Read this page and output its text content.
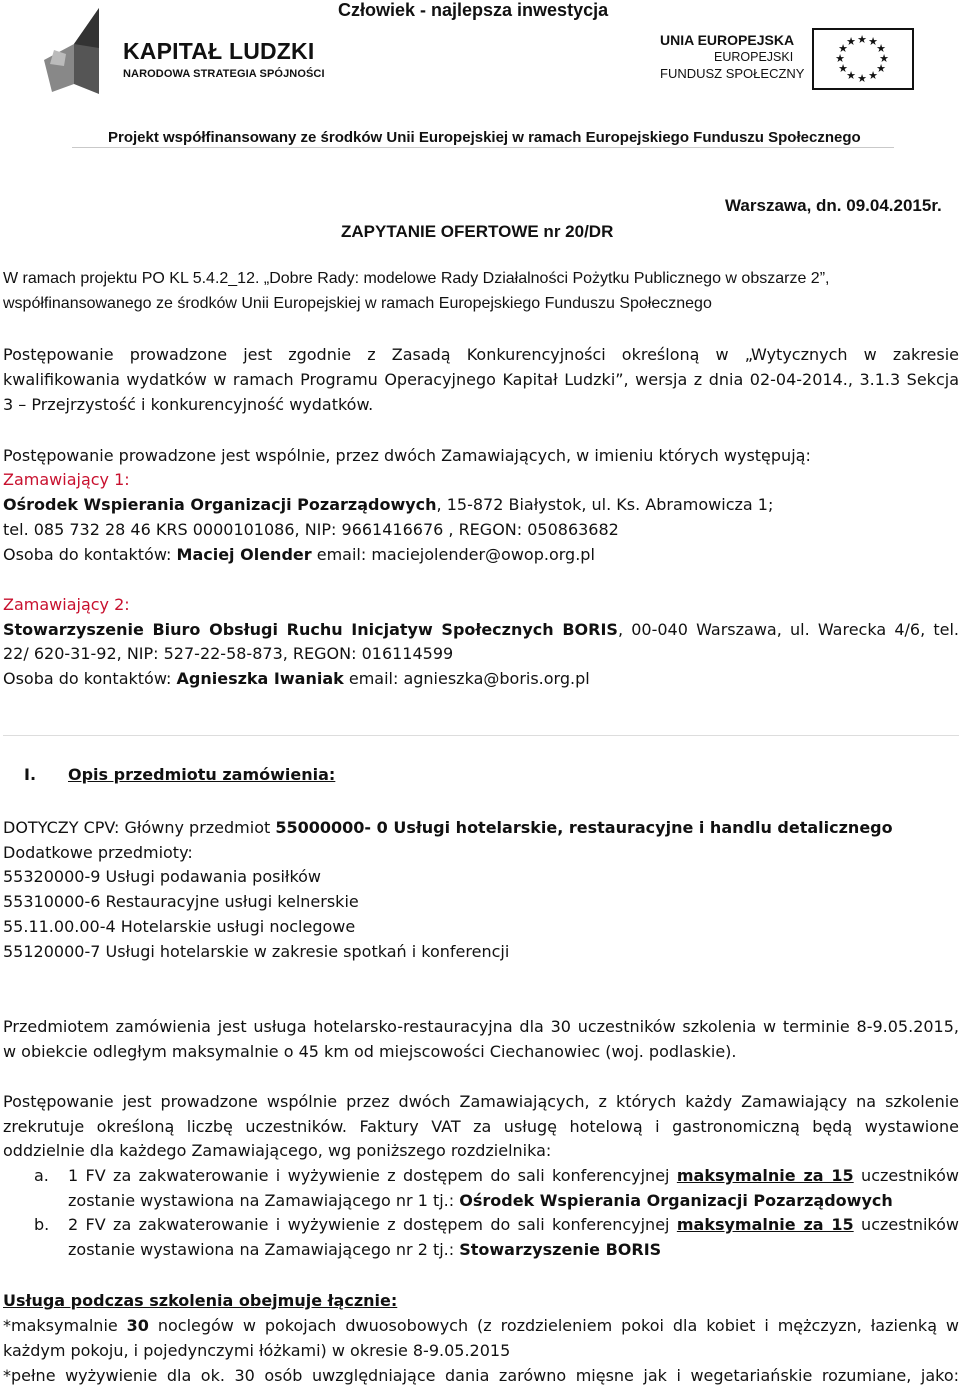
Człowiek - najlepsza inwestycja
KAPITAŁ LUDZKI
NARODOWA STRATEGIA SPÓJNOŚCI
UNIA EUROPEJSKA
EUROPEJSKI
FUNDUSZ SPOŁECZNY
★ ★
★
★
★
★
★
★
★
★
★
★
Projekt współfinansowany ze środków Unii Europejskiej w ramach Europejskiego Funduszu Społecznego
ZAPYTANIE OFERTOWE nr 20/DR
Warszawa, dn. 09.04.2015r.
W ramach projektu PO KL 5.4.2_12. „Dobre Rady: modelowe Rady Działalności Pożytku Publicznego w obszarze 2”,
współfinansowanego ze środków Unii Europejskiej w ramach Europejskiego Funduszu Społecznego
Postępowanie prowadzone jest zgodnie z Zasadą Konkurencyjności określoną w „Wytycznych w zakresie
kwalifikowania wydatków w ramach Programu Operacyjnego Kapitał Ludzki”, wersja z dnia 02-04-2014., 3.1.3 Sekcja
3 – Przejrzystość i konkurencyjność wydatków.
Postępowanie prowadzone jest wspólnie, przez dwóch Zamawiających, w imieniu których występują:
Zamawiający 1:
Ośrodek Wspierania Organizacji Pozarządowych, 15-872 Białystok, ul. Ks. Abramowicza 1;
tel. 085 732 28 46 KRS 0000101086, NIP: 9661416676 , REGON: 050863682
Osoba do kontaktów: Maciej Olender email: maciejolender@owop.org.pl
Zamawiający 2:
Stowarzyszenie Biuro Obsługi Ruchu Inicjatyw Społecznych BORIS, 00-040 Warszawa, ul. Warecka 4/6, tel.
22/ 620-31-92, NIP: 527-22-58-873, REGON: 016114599
Osoba do kontaktów: Agnieszka Iwaniak email: agnieszka@boris.org.pl
I. Opis przedmiotu zamówienia:
DOTYCZY CPV: Główny przedmiot 55000000- 0 Usługi hotelarskie, restauracyjne i handlu detalicznego
Dodatkowe przedmioty:
55320000-9 Usługi podawania posiłków
55310000-6 Restauracyjne usługi kelnerskie
55.11.00.00-4 Hotelarskie usługi noclegowe
55120000-7 Usługi hotelarskie w zakresie spotkań i konferencji
Przedmiotem zamówienia jest usługa hotelarsko-restauracyjna dla 30 uczestników szkolenia w terminie 8-9.05.2015,
w obiekcie odległym maksymalnie o 45 km od miejscowości Ciechanowiec (woj. podlaskie).
Postępowanie jest prowadzone wspólnie przez dwóch Zamawiających, z których każdy Zamawiający na szkolenie
zrekrutuje określoną liczbę uczestników. Faktury VAT za usługę hotelową i gastronomiczną będą wystawione
oddzielnie dla każdego Zamawiającego, wg poniższego rozdzielnika:
a. 1 FV za zakwaterowanie i wyżywienie z dostępem do sali konferencyjnej maksymalnie za 15 uczestników
zostanie wystawiona na Zamawiającego nr 1 tj.: Ośrodek Wspierania Organizacji Pozarządowych
b. 2 FV za zakwaterowanie i wyżywienie z dostępem do sali konferencyjnej maksymalnie za 15 uczestników
zostanie wystawiona na Zamawiającego nr 2 tj.: Stowarzyszenie BORIS
Usługa podczas szkolenia obejmuje łącznie:
*maksymalnie 30 noclegów w pokojach dwuosobowych (z rozdzieleniem pokoi dla kobiet i mężczyzn, łazienką w
każdym pokoju, i pojedynczymi łóżkami) w okresie 8-9.05.2015
*pełne wyżywienie dla ok. 30 osób uwzględniające dania zarówno mięsne jak i wegetariańskie rozumiane, jako:
